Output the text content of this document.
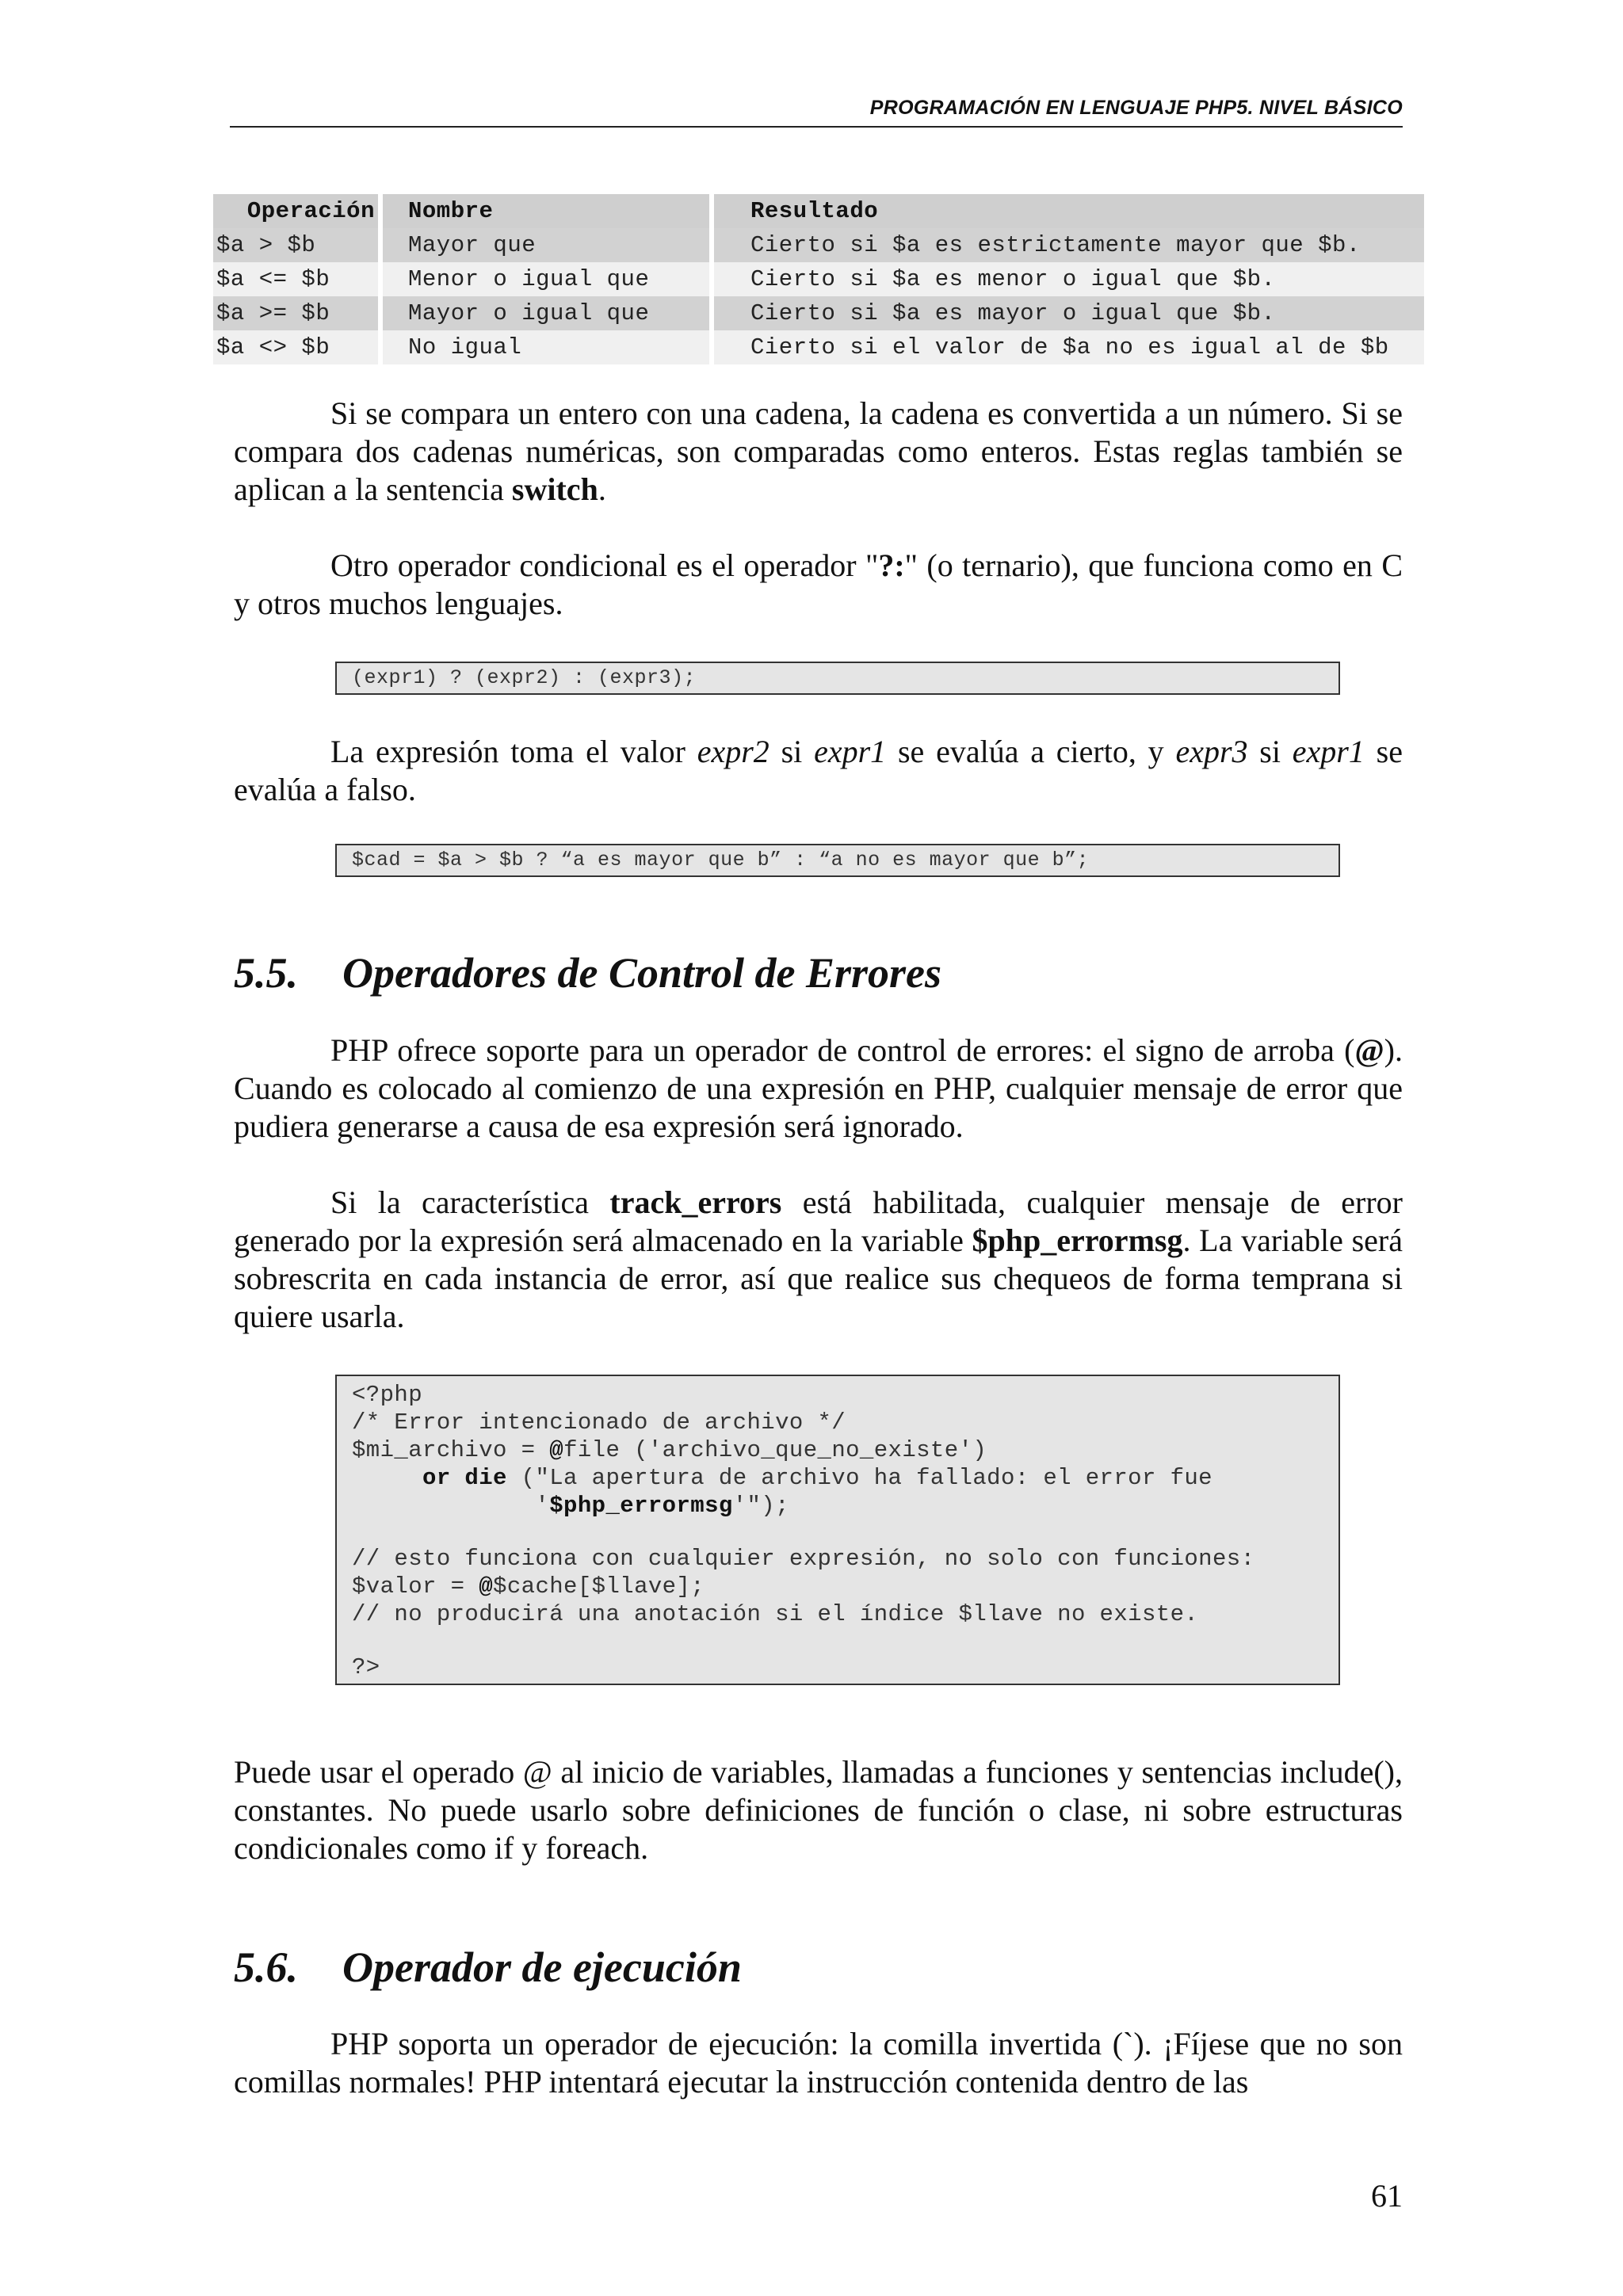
PROGRAMACIÓN EN LENGUAJE PHP5. NIVEL BÁSICO
Operación	Nombre	Resultado
$a > $b	Mayor que	Cierto si $a es estrictamente mayor que $b.
$a <= $b	Menor o igual que	Cierto si $a es menor o igual que $b.
$a >= $b	Mayor o igual que	Cierto si $a es mayor o igual que $b.
$a <> $b	No igual	Cierto si el valor de $a no es igual al de $b

Si se compara un entero con una cadena, la cadena es convertida a un número. Si se compara dos cadenas numéricas, son comparadas como enteros. Estas reglas también se aplican a la sentencia switch.

Otro operador condicional es el operador "?:" (o ternario), que funciona como en C y otros muchos lenguajes.

(expr1) ? (expr2) : (expr3);

La expresión toma el valor expr2 si expr1 se evalúa a cierto, y expr3 si expr1 se evalúa a falso.

$cad = $a > $b ? “a es mayor que b” : “a no es mayor que b”;
5.5. Operadores de Control de Errores

PHP ofrece soporte para un operador de control de errores: el signo de arroba (@). Cuando es colocado al comienzo de una expresión en PHP, cualquier mensaje de error que pudiera generarse a causa de esa expresión será ignorado.

Si la característica track_errors está habilitada, cualquier mensaje de error generado por la expresión será almacenado en la variable $php_errormsg. La variable será sobrescrita en cada instancia de error, así que realice sus chequeos de forma temprana si quiere usarla.

<?php
/* Error intencionado de archivo */
$mi_archivo = @file ('archivo_que_no_existe')
or die ("La apertura de archivo ha fallado: el error fue
'$php_errormsg'");
// esto funciona con cualquier expresión, no solo con funciones:
$valor = @$cache[$llave];
// no producirá una anotación si el índice $llave no existe.
?>

Puede usar el operado @ al inicio de variables, llamadas a funciones y sentencias include(), constantes. No puede usarlo sobre definiciones de función o clase, ni sobre estructuras condicionales como if y foreach.

5.6. Operador de ejecución

PHP soporta un operador de ejecución: la comilla invertida (`). ¡Fíjese que no son comillas normales! PHP intentará ejecutar la instrucción contenida dentro de las

61
